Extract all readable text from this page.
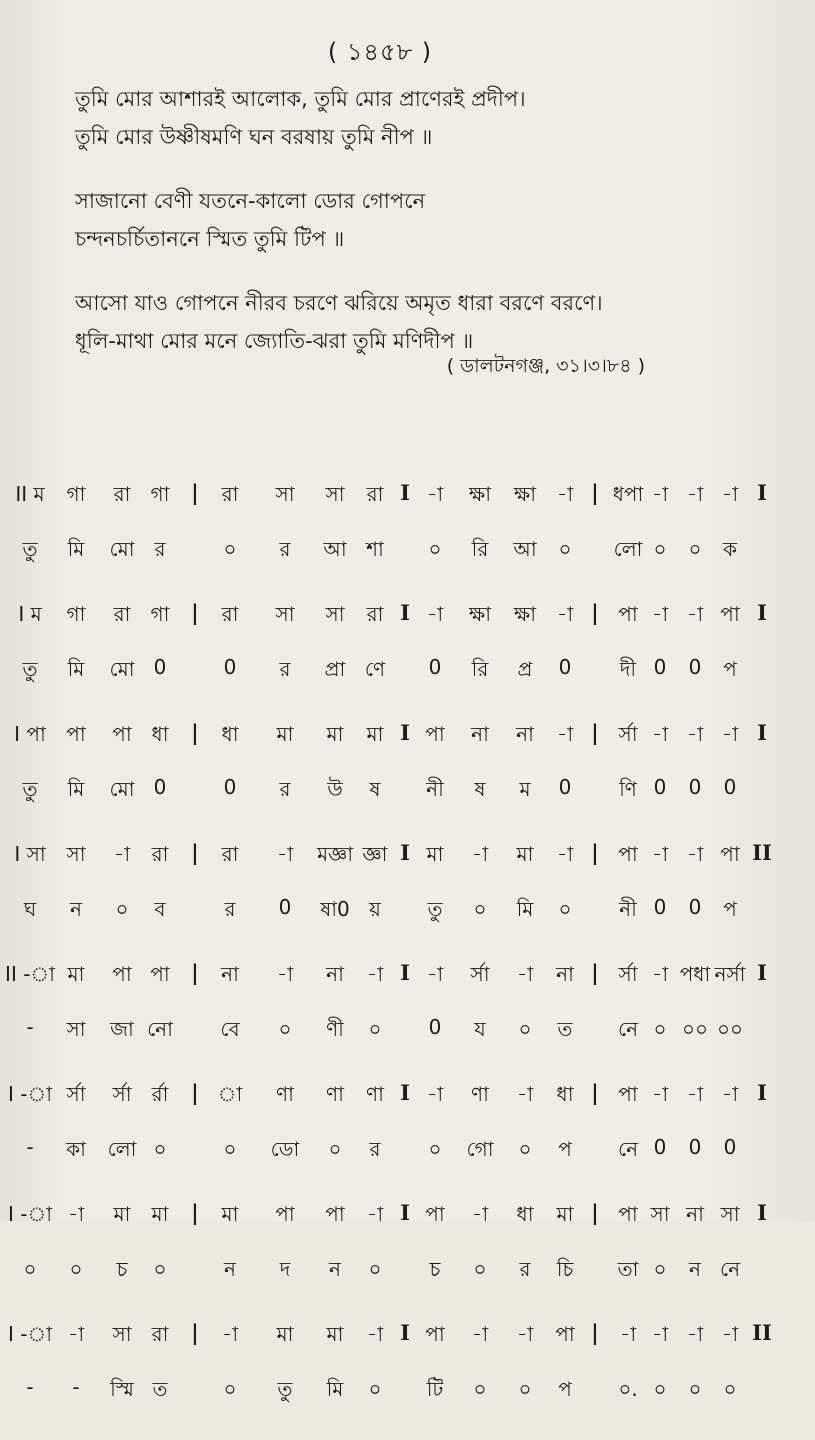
( ১৪৫৮ )
তুমি মোর আশারই আলোক, তুমি মোর প্রাণেরই প্রদীপ।
তুমি মোর উষ্ণীষমণি ঘন বরষায় তুমি নীপ ॥
সাজানো বেণী যতনে-কালো ডোর গোপনে
চন্দনচর্চিতাননে স্মিত তুমি টিপ ॥
আসো যাও গোপনে নীরব চরণে ঝরিয়ে অমৃত ধারা বরণে বরণে।
ধূলি-মাথা মোর মনে জ্যোতি-ঝরা তুমি মণিদীপ ॥
( ডালটনগঞ্জ, ৩১।৩।৮৪ )
II ম গা রা গা | রা সা সা রা I -া ক্ষা ক্ষা -া | ধপা -া -া -া I
তু মি মো র	০ র আ শা ০ রি আ ০ লো ০ ০ ক
I ম গা রা গা | রা সা সা রা I -া ক্ষা ক্ষা -া | পা -া -া পা I
তু মি মো 0	0 র প্রা ণে 0 রি প্র 0 দী 0 0 প
I পা পা পা ধা | ধা মা মা মা I পা না না -া | র্সা -া -া -া I
তু মি মো 0	0 র উ ষ নী ষ ম 0 ণি 0 0 0
I সা সা -া রা | রা -া মজ্ঞা জ্ঞা I মা -া মা -া | পা -া -া পা II
ঘ ন ০ ব	র 0 ষা0 য় তু ০ মি ০ নী 0 0 প
II -া মা পা পা | না -া না -া I -া র্সা -া না | র্সা -া পধা নর্সা I
- সা জা নো বে ০ ণী ০ 0 য ০ ত নে ০ ০০ ০০
I -া র্সা র্সা র্রা | া ণা ণা ণা I -া ণা -া ধা | পা -া -া -া I
- কা লো ০	০ ডো ০ র ০ গো ০ প নে 0 0 0
I -া -া মা মা | মা পা পা -া I পা -া ধা মা | পা সা না সা I
০ ০ চ ০	ন দ ন ০ চ ০ র চি তা ০ ন নে
I -া -া সা রা | -া মা মা -া I পা -া -া পা | -া -া -া -া II
- - স্মি ত	০ তু মি ০ টি ০ ০ প ০. ০ ০ ০
